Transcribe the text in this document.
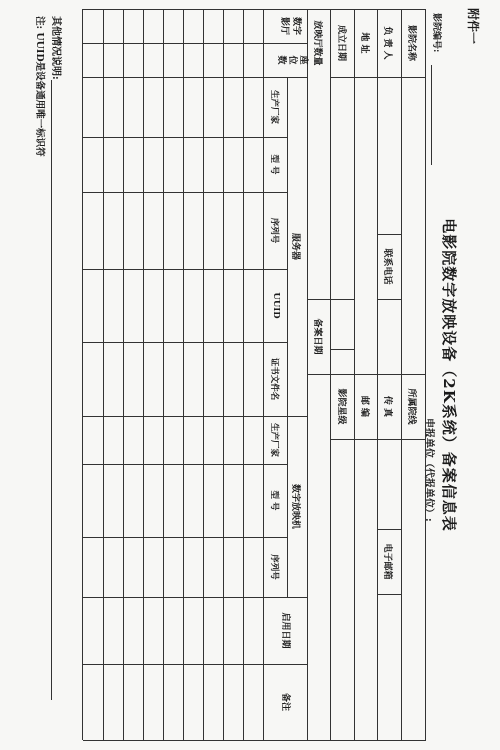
附件一
电影院数字放映设备（2K系统）备案信息表
申报单位（代报单位）:
影院编号:
影院名称
所属院线
负 责 人
联系电话
传 真
电子邮箱
地 址
邮 编
成立日期
影院星级
放映厅数量
备案日期
数字
影厅
座
位
数
服务器
数字放映机
生产厂家
型 号
序列号
UUID
证书文件名
生产厂家
型 号
序列号
启用日期
备注
其他情况说明:
注: UUID是设备通用唯一标识符
